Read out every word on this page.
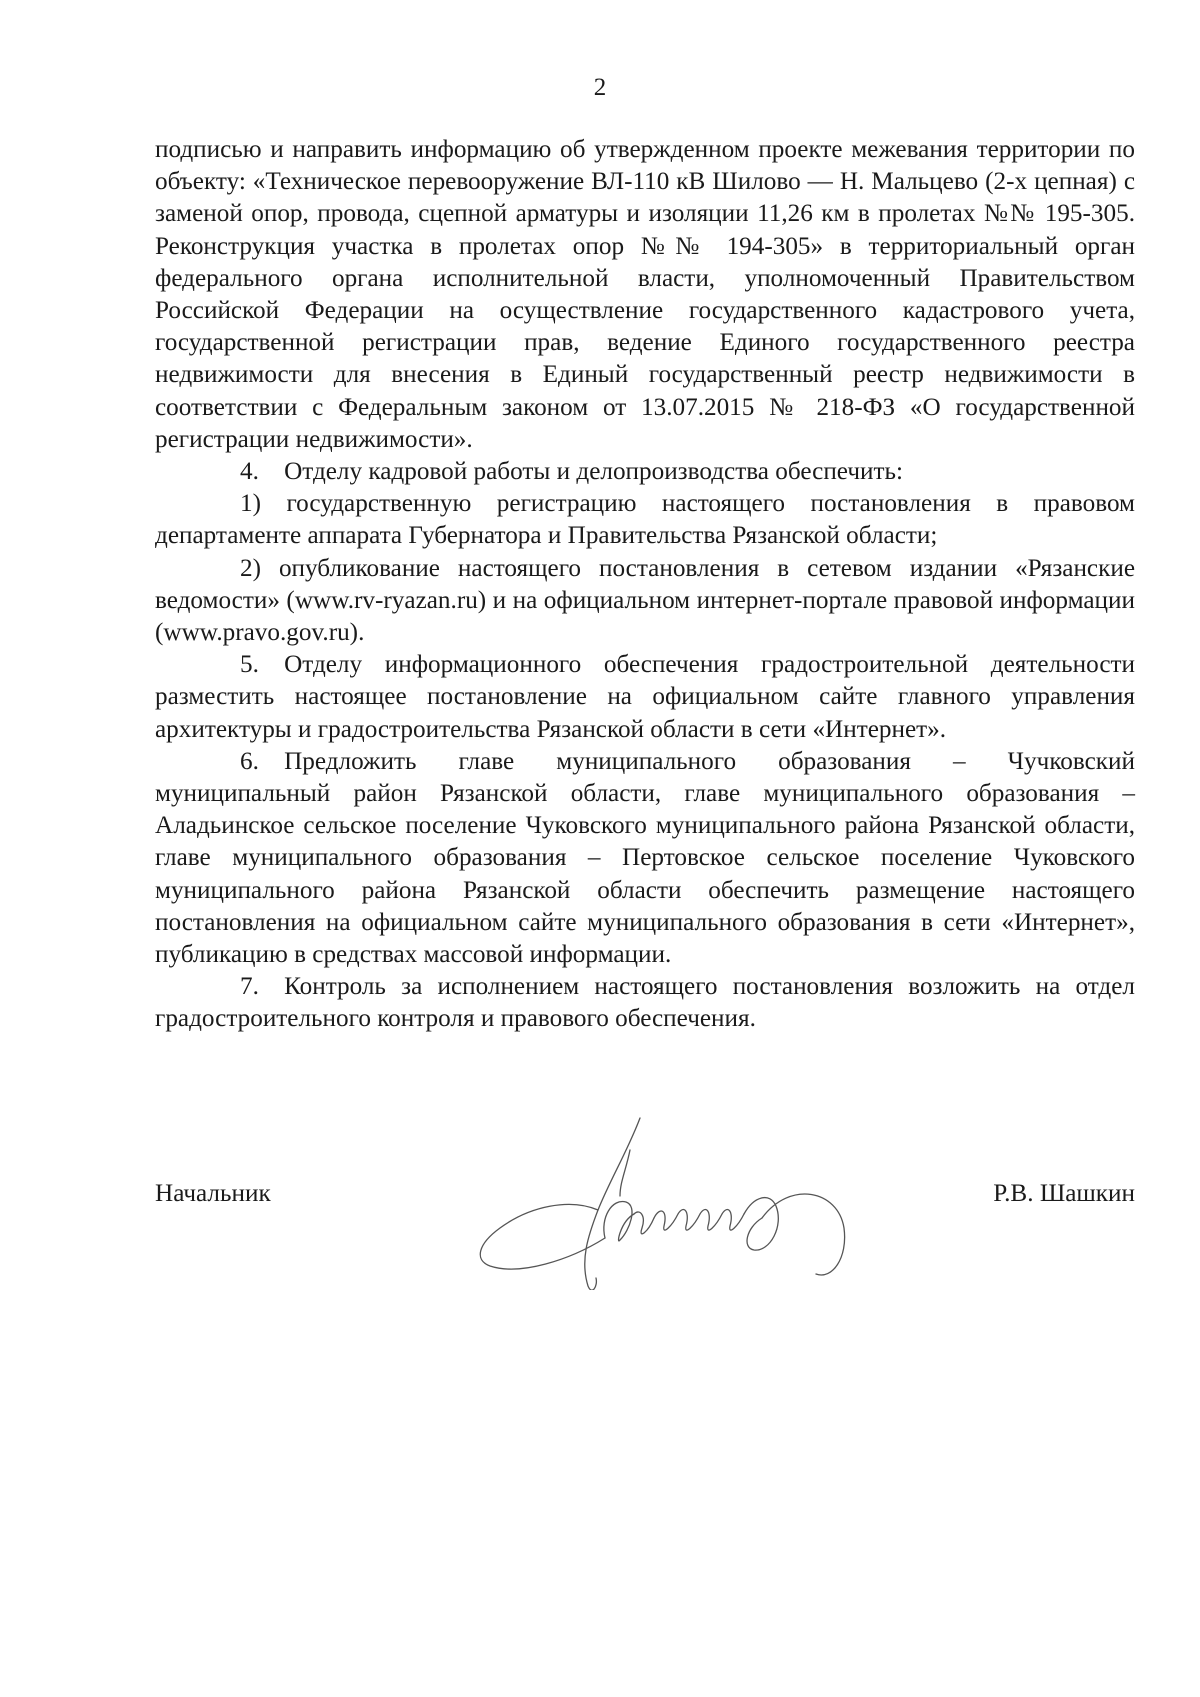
2

подписью и направить информацию об утвержденном проекте межевания территории по объекту: «Техническое перевооружение ВЛ-110 кВ Шилово — Н. Мальцево (2-х цепная) с заменой опор, провода, сцепной арматуры и изоляции 11,26 км в пролетах №№ 195-305. Реконструкция участка в пролетах опор №№ 194-305» в территориальный орган федерального органа исполнительной власти, уполномоченный Правительством Российской Федерации на осуществление государственного кадастрового учета, государственной регистрации прав, ведение Единого государственного реестра недвижимости для внесения в Единый государственный реестр недвижимости в соответствии с Федеральным законом от 13.07.2015 № 218-ФЗ «О государственной регистрации недвижимости».

4. Отделу кадровой работы и делопроизводства обеспечить:

1) государственную регистрацию настоящего постановления в правовом департаменте аппарата Губернатора и Правительства Рязанской области;

2) опубликование настоящего постановления в сетевом издании «Рязанские ведомости» (www.rv-ryazan.ru) и на официальном интернет-портале правовой информации (www.pravo.gov.ru).

5. Отделу информационного обеспечения градостроительной деятельности разместить настоящее постановление на официальном сайте главного управления архитектуры и градостроительства Рязанской области в сети «Интернет».

6. Предложить главе муниципального образования – Чучковский муниципальный район Рязанской области, главе муниципального образования – Аладьинское сельское поселение Чуковского муниципального района Рязанской области, главе муниципального образования – Пертовское сельское поселение Чуковского муниципального района Рязанской области обеспечить размещение настоящего постановления на официальном сайте муниципального образования в сети «Интернет», публикацию в средствах массовой информации.

7. Контроль за исполнением настоящего постановления возложить на отдел градостроительного контроля и правового обеспечения.

Начальник	Р.В. Шашкин
